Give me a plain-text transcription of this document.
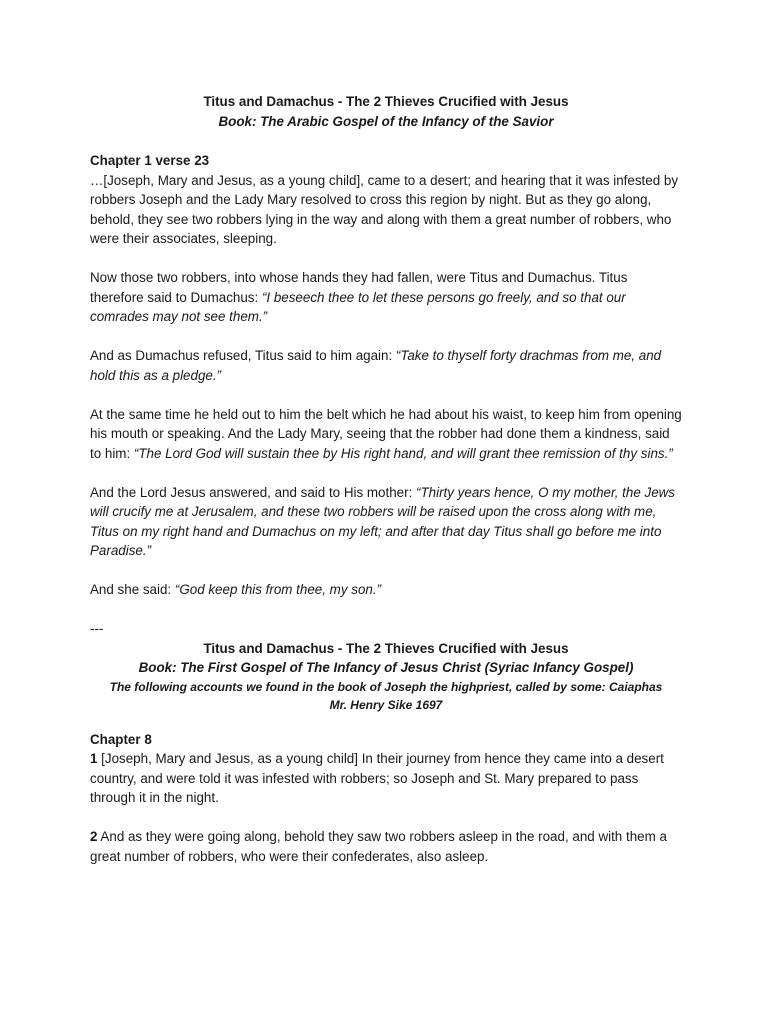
Titus and Damachus - The 2 Thieves Crucified with Jesus

Book: The Arabic Gospel of the Infancy of the Savior

Chapter 1 verse 23

…[Joseph, Mary and Jesus, as a young child], came to a desert; and hearing that it was infested by robbers Joseph and the Lady Mary resolved to cross this region by night. But as they go along, behold, they see two robbers lying in the way and along with them a great number of robbers, who were their associates, sleeping.

Now those two robbers, into whose hands they had fallen, were Titus and Dumachus. Titus therefore said to Dumachus: “I beseech thee to let these persons go freely, and so that our comrades may not see them.”

And as Dumachus refused, Titus said to him again: “Take to thyself forty drachmas from me, and hold this as a pledge.”

At the same time he held out to him the belt which he had about his waist, to keep him from opening his mouth or speaking. And the Lady Mary, seeing that the robber had done them a kindness, said to him: “The Lord God will sustain thee by His right hand, and will grant thee remission of thy sins.”

And the Lord Jesus answered, and said to His mother: “Thirty years hence, O my mother, the Jews will crucify me at Jerusalem, and these two robbers will be raised upon the cross along with me, Titus on my right hand and Dumachus on my left; and after that day Titus shall go before me into Paradise.”

And she said: “God keep this from thee, my son.”

---

Titus and Damachus - The 2 Thieves Crucified with Jesus

Book: The First Gospel of The Infancy of Jesus Christ (Syriac Infancy Gospel)

The following accounts we found in the book of Joseph the highpriest, called by some: Caiaphas

Mr. Henry Sike 1697

Chapter 8

1 [Joseph, Mary and Jesus, as a young child] In their journey from hence they came into a desert country, and were told it was infested with robbers; so Joseph and St. Mary prepared to pass through it in the night.

2 And as they were going along, behold they saw two robbers asleep in the road, and with them a great number of robbers, who were their confederates, also asleep.
